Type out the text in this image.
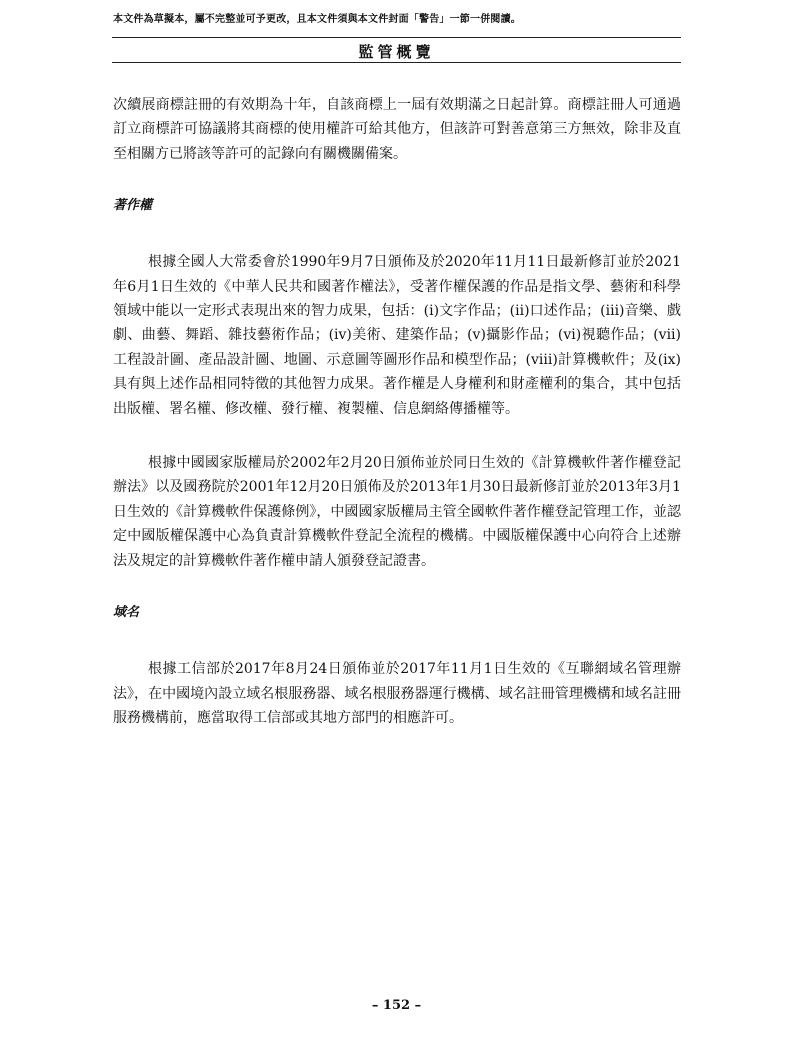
本文件為草擬本，屬不完整並可予更改，且本文件須與本文件封面「警告」一節一併閱讀。
監管概覽

次續展商標註冊的有效期為十年，自該商標上一屆有效期滿之日起計算。商標註冊人可通過訂立商標許可協議將其商標的使用權許可給其他方，但該許可對善意第三方無效，除非及直至相關方已將該等許可的記錄向有關機關備案。

著作權

根據全國人大常委會於1990年9月7日頒佈及於2020年11月11日最新修訂並於2021年6月1日生效的《中華人民共和國著作權法》，受著作權保護的作品是指文學、藝術和科學領域中能以一定形式表現出來的智力成果，包括：(i)文字作品；(ii)口述作品；(iii)音樂、戲劇、曲藝、舞蹈、雜技藝術作品；(iv)美術、建築作品；(v)攝影作品；(vi)視聽作品；(vii)工程設計圖、產品設計圖、地圖、示意圖等圖形作品和模型作品；(viii)計算機軟件；及(ix)具有與上述作品相同特徵的其他智力成果。著作權是人身權利和財產權利的集合，其中包括出版權、署名權、修改權、發行權、複製權、信息網絡傳播權等。

根據中國國家版權局於2002年2月20日頒佈並於同日生效的《計算機軟件著作權登記辦法》以及國務院於2001年12月20日頒佈及於2013年1月30日最新修訂並於2013年3月1日生效的《計算機軟件保護條例》，中國國家版權局主管全國軟件著作權登記管理工作，並認定中國版權保護中心為負責計算機軟件登記全流程的機構。中國版權保護中心向符合上述辦法及規定的計算機軟件著作權申請人頒發登記證書。

域名

根據工信部於2017年8月24日頒佈並於2017年11月1日生效的《互聯網域名管理辦法》，在中國境內設立域名根服務器、域名根服務器運行機構、域名註冊管理機構和域名註冊服務機構前，應當取得工信部或其地方部門的相應許可。

– 152 –
